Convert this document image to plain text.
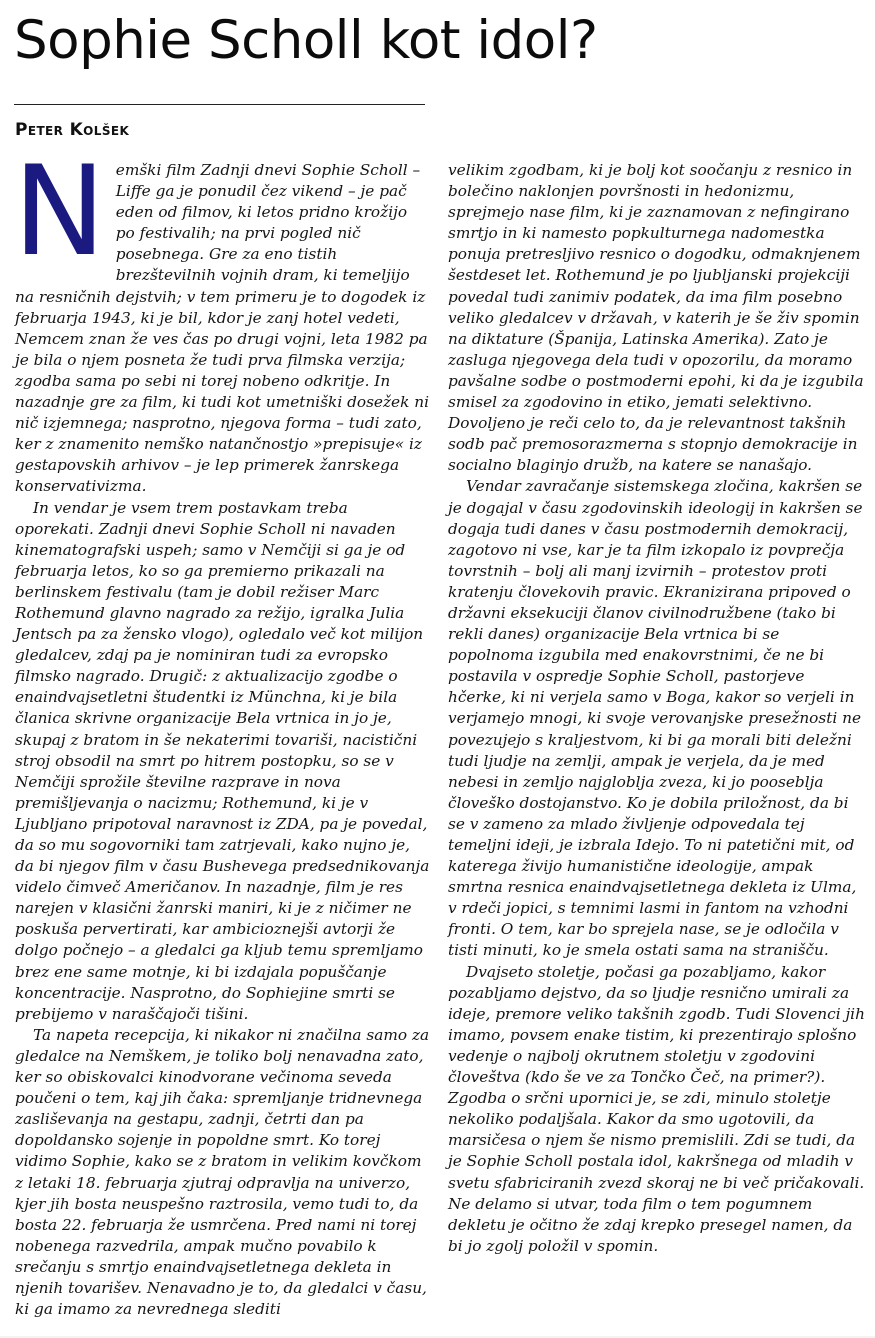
Sophie Scholl kot idol?
Peter Kolšek

Nemški film Zadnji dnevi Sophie Scholl – Liffe ga je ponudil čez vikend – je pač eden od filmov, ki letos pridno krožijo po festivalih; na prvi pogled nič posebnega. Gre za eno tistih brezštevilnih vojnih dram, ki temeljijo na resničnih dejstvih; v tem primeru je to dogodek iz februarja 1943, ki je bil, kdor je zanj hotel vedeti, Nemcem znan že ves čas po drugi vojni, leta 1982 pa je bila o njem posneta že tudi prva filmska verzija; zgodba sama po sebi ni torej nobeno odkritje. In nazadnje gre za film, ki tudi kot umetniški dosežek ni nič izjemnega; nasprotno, njegova forma – tudi zato, ker z znamenito nemško natančnostjo »prepisuje« iz gestapovskih arhivov – je lep primerek žanrskega konservativizma.

In vendar je vsem trem postavkam treba oporekati. Zadnji dnevi Sophie Scholl ni navaden kinematografski uspeh; samo v Nemčiji si ga je od februarja letos, ko so ga premierno prikazali na berlinskem festivalu (tam je dobil režiser Marc Rothemund glavno nagrado za režijo, igralka Julia Jentsch pa za žensko vlogo), ogledalo več kot milijon gledalcev, zdaj pa je nominiran tudi za evropsko filmsko nagrado. Drugič: z aktualizacijo zgodbe o enaindvajsetletni študentki iz Münchna, ki je bila članica skrivne organizacije Bela vrtnica in jo je, skupaj z bratom in še nekaterimi tovariši, nacistični stroj obsodil na smrt po hitrem postopku, so se v Nemčiji sprožile številne razprave in nova premišljevanja o nacizmu; Rothemund, ki je v Ljubljano pripotoval naravnost iz ZDA, pa je povedal, da so mu sogovorniki tam zatrjevali, kako nujno je, da bi njegov film v času Bushevega predsednikovanja videlo čimveč Američanov. In nazadnje, film je res narejen v klasični žanrski maniri, ki je z ničimer ne poskuša pervertirati, kar ambicioznejši avtorji že dolgo počnejo – a gledalci ga kljub temu spremljamo brez ene same motnje, ki bi izdajala popuščanje koncentracije. Nasprotno, do Sophiejine smrti se prebijemo v naraščajoči tišini.

Ta napeta recepcija, ki nikakor ni značilna samo za gledalce na Nemškem, je toliko bolj nenavadna zato, ker so obiskovalci kinodvorane večinoma seveda poučeni o tem, kaj jih čaka: spremljanje tridnevnega zasliševanja na gestapu, zadnji, četrti dan pa dopoldansko sojenje in popoldne smrt. Ko torej vidimo Sophie, kako se z bratom in velikim kovčkom z letaki 18. februarja zjutraj odpravlja na univerzo, kjer jih bosta neuspešno raztrosila, vemo tudi to, da bosta 22. februarja že usmrčena. Pred nami ni torej nobenega razvedrila, ampak mučno povabilo k srečanju s smrtjo enaindvajsetletnega dekleta in njenih tovarišev. Nenavadno je to, da gledalci v času, ki ga imamo za nevrednega slediti

velikim zgodbam, ki je bolj kot soočanju z resnico in bolečino naklonjen površnosti in hedonizmu, sprejmejo nase film, ki je zaznamovan z nefingirano smrtjo in ki namesto popkulturnega nadomestka ponuja pretresljivo resnico o dogodku, odmaknjenem šestdeset let. Rothemund je po ljubljanski projekciji povedal tudi zanimiv podatek, da ima film posebno veliko gledalcev v državah, v katerih je še živ spomin na diktature (Španija, Latinska Amerika). Zato je zasluga njegovega dela tudi v opozorilu, da moramo pavšalne sodbe o postmoderni epohi, ki da je izgubila smisel za zgodovino in etiko, jemati selektivno. Dovoljeno je reči celo to, da je relevantnost takšnih sodb pač premosorazmerna s stopnjo demokracije in socialno blaginjo družb, na katere se nanašajo.

Vendar zavračanje sistemskega zločina, kakršen se je dogajal v času zgodovinskih ideologij in kakršen se dogaja tudi danes v času postmodernih demokracij, zagotovo ni vse, kar je ta film izkopalo iz povprečja tovrstnih – bolj ali manj izvirnih – protestov proti kratenju človekovih pravic. Ekranizirana pripoved o državni eksekuciji članov civilnodružbene (tako bi rekli danes) organizacije Bela vrtnica bi se popolnoma izgubila med enakovrstnimi, če ne bi postavila v ospredje Sophie Scholl, pastorjeve hčerke, ki ni verjela samo v Boga, kakor so verjeli in verjamejo mnogi, ki svoje verovanjske presežnosti ne povezujejo s kraljestvom, ki bi ga morali biti deležni tudi ljudje na zemlji, ampak je verjela, da je med nebesi in zemljo najgloblja zveza, ki jo pooseblja človeško dostojanstvo. Ko je dobila priložnost, da bi se v zameno za mlado življenje odpovedala tej temeljni ideji, je izbrala Idejo. To ni patetični mit, od katerega živijo humanistične ideologije, ampak smrtna resnica enaindvajsetletnega dekleta iz Ulma, v rdeči jopici, s temnimi lasmi in fantom na vzhodni fronti. O tem, kar bo sprejela nase, se je odločila v tisti minuti, ko je smela ostati sama na stranišču.

Dvajseto stoletje, počasi ga pozabljamo, kakor pozabljamo dejstvo, da so ljudje resnično umirali za ideje, premore veliko takšnih zgodb. Tudi Slovenci jih imamo, povsem enake tistim, ki prezentirajo splošno vedenje o najbolj okrutnem stoletju v zgodovini človeštva (kdo še ve za Tončko Čeč, na primer?). Zgodba o srčni upornici je, se zdi, minulo stoletje nekoliko podaljšala. Kakor da smo ugotovili, da marsičesa o njem še nismo premislili. Zdi se tudi, da je Sophie Scholl postala idol, kakršnega od mladih v svetu sfabriciranih zvezd skoraj ne bi več pričakovali. Ne delamo si utvar, toda film o tem pogumnem dekletu je očitno že zdaj krepko presegel namen, da bi jo zgolj položil v spomin.
